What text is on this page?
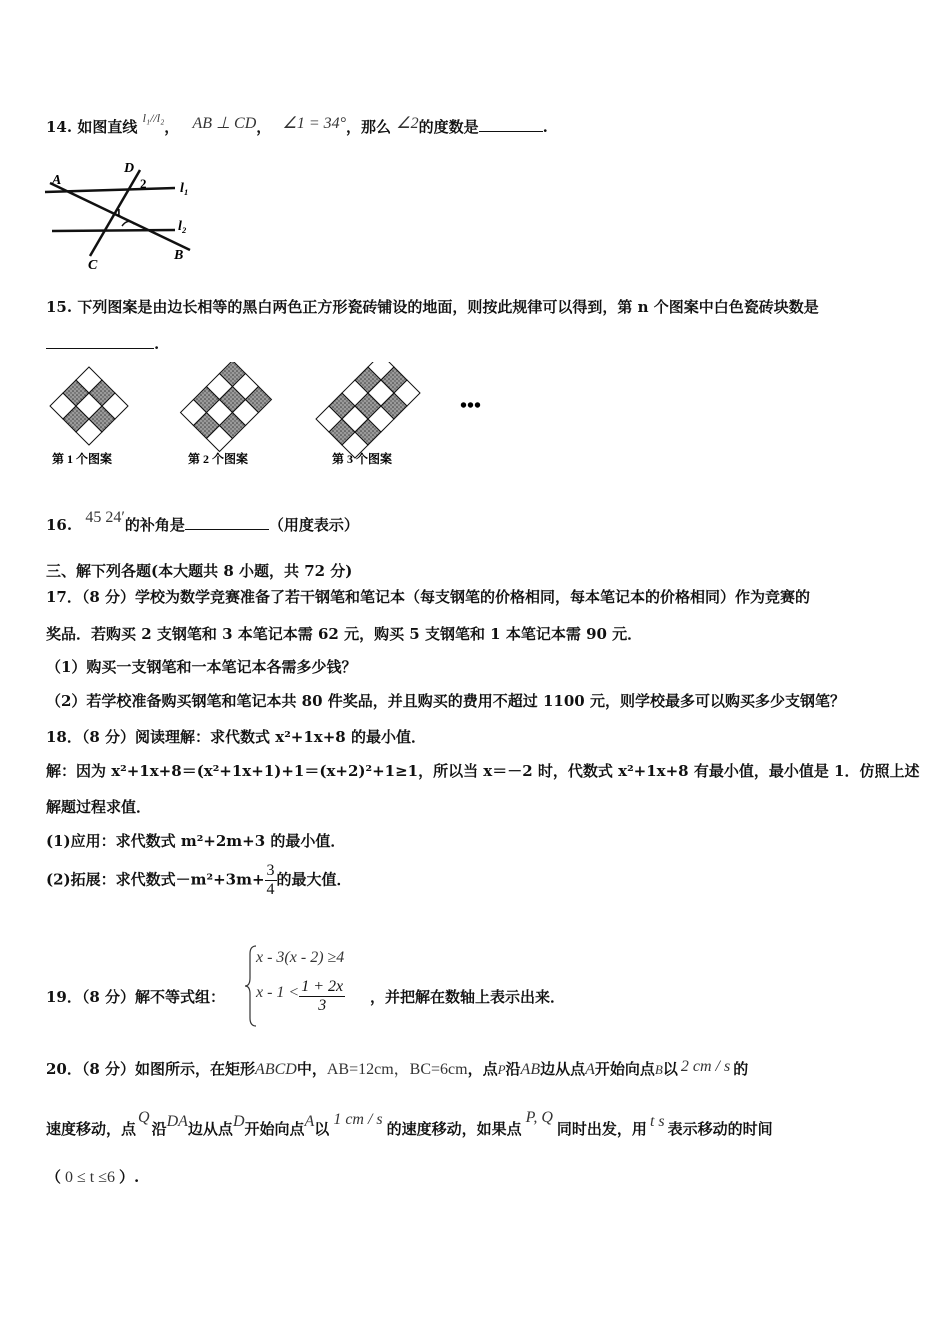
14. 如图直线 $^{l_1//l_2}$， AB ⊥ CD， ∠1 = 34°，那么 ∠2的度数是	.
A
D
2 l₁
1
l₂
C
B
15. 下列图案是由边长相等的黑白两色正方形瓷砖铺设的地面，则按此规律可以得到，第 n 个图案中白色瓷砖块数是
.
•••
第 1 个图案	第 2 个图案	第 3 个图案
16. 45 24′的补角是	（用度表示）
三、解下列各题(本大题共 8 小题，共 72 分)
17．（8 分）学校为数学竞赛准备了若干钢笔和笔记本（每支钢笔的价格相同，每本笔记本的价格相同）作为竞赛的
奖品．若购买 2 支钢笔和 3 本笔记本需 62 元，购买 5 支钢笔和 1 本笔记本需 90 元．
（1）购买一支钢笔和一本笔记本各需多少钱？
（2）若学校准备购买钢笔和笔记本共 80 件奖品，并且购买的费用不超过 1100 元，则学校最多可以购买多少支钢笔？
18．（8 分）阅读理解：求代数式 x²+1x+8 的最小值．
解：因为 x²+1x+8＝(x²+1x+1)+1＝(x+2)²+1≥1，所以当 x＝－2 时，代数式 x²+1x+8 有最小值，最小值是 1．仿照上述
解题过程求值．
(1)应用：求代数式 m²+2m+3 的最小值．
(2)拓展：求代数式$-m^2+3m+ \frac{3}{4}$ 的最大值．
19．（8 分）解不等式组：
x - 3(x - 2) ≥4
$x - 1 < \frac{1 + 2x}{3}$ ，并把解在数轴上表示出来．
20．（8 分）如图所示，在矩形ABCD中，AB=12cm，BC=6cm，点P沿AB边从点A开始向点B以 2 cm / s 的
速度移动，点Q沿DA边从点D开始向点A以1 cm / s的速度移动，如果点P, Q同时出发，用 t s 表示移动的时间
（ 0 ≤ t ≤6 ）.
